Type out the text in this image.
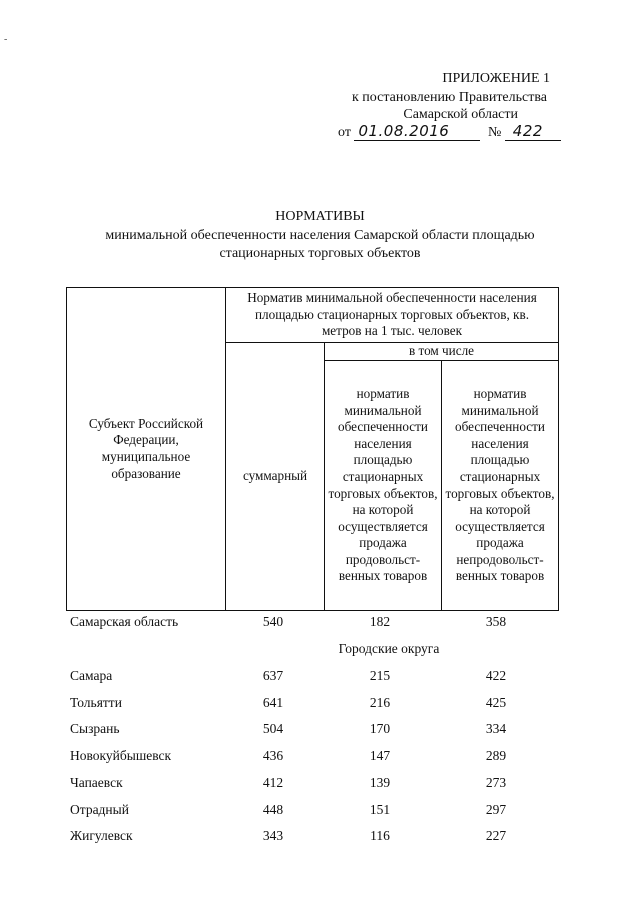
-
ПРИЛОЖЕНИЕ 1
к постановлению Правительства
Самарской области
от 01.08.2016	№ 422
НОРМАТИВЫ
минимальной обеспеченности населения Самарской области площадью
стационарных торговых объектов
Субъект Российской Федерации, муниципальное образование	Норматив минимальной обеспеченности населения площадью стационарных торговых объектов, кв. метров на 1 тыс. человек		

	суммарный	в том числе	

		норматив минимальной обеспеченности населения площадью стационарных торговых объектов, на которой осуществляется продажа продовольст-венных товаров	норматив минимальной обеспеченности населения площадью стационарных торговых объектов, на которой осуществляется продажа непродовольст-венных товаров
Самарская область	540	182	358
Городские округа
Самара	637	215	422
Тольятти	641	216	425
Сызрань	504	170	334
Новокуйбышевск	436	147	289
Чапаевск	412	139	273
Отрадный	448	151	297
Жигулевск	343	116	227
